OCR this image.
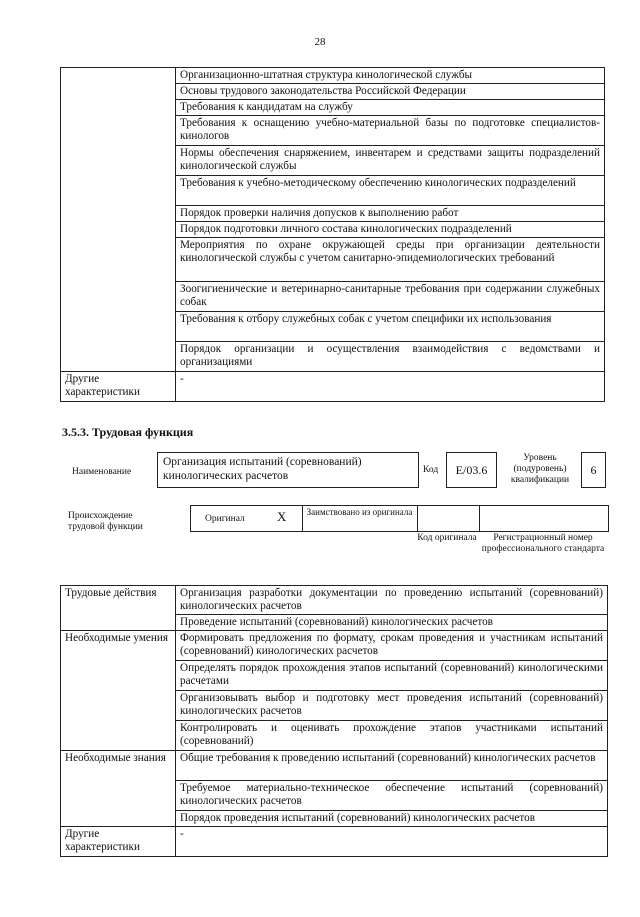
28
	Организационно-штатная структура кинологической службы
	Основы трудового законодательства Российской Федерации
	Требования к кандидатам на службу
	Требования к оснащению учебно-материальной базы по подготовке специалистов-кинологов
	Нормы обеспечения снаряжением, инвентарем и средствами защиты подразделений кинологической службы
	Требования к учебно-методическому обеспечению кинологических подразделений
	Порядок проверки наличия допусков к выполнению работ
	Порядок подготовки личного состава кинологических подразделений
	Мероприятия по охране окружающей среды при организации деятельности кинологической службы с учетом санитарно-эпидемиологических требований
	Зоогигиенические и ветеринарно-санитарные требования при содержании служебных собак
	Требования к отбору служебных собак с учетом специфики их использования
	Порядок организации и осуществления взаимодействия с ведомствами и организациями
Другие характеристики	-
3.5.3. Трудовая функция
Наименование
Организация испытаний (соревнований) кинологических расчетов	Код	E/03.6
Уровень (подуровень) квалификации
6
Происхождение трудовой функции
Оригинал X Заимствовано из оригинала
Код оригинала	Регистрационный номер профессионального стандарта
Трудовые действия	Организация разработки документации по проведению испытаний (соревнований) кинологических расчетов
	Проведение испытаний (соревнований) кинологических расчетов
Необходимые умения	Формировать предложения по формату, срокам проведения и участникам испытаний (соревнований) кинологических расчетов
	Определять порядок прохождения этапов испытаний (соревнований) кинологическими расчетами
	Организовывать выбор и подготовку мест проведения испытаний (соревнований) кинологических расчетов
	Контролировать и оценивать прохождение этапов участниками испытаний (соревнований)
Необходимые знания	Общие требования к проведению испытаний (соревнований) кинологических расчетов
	Требуемое материально-техническое обеспечение испытаний (соревнований) кинологических расчетов
	Порядок проведения испытаний (соревнований) кинологических расчетов
Другие характеристики	-
